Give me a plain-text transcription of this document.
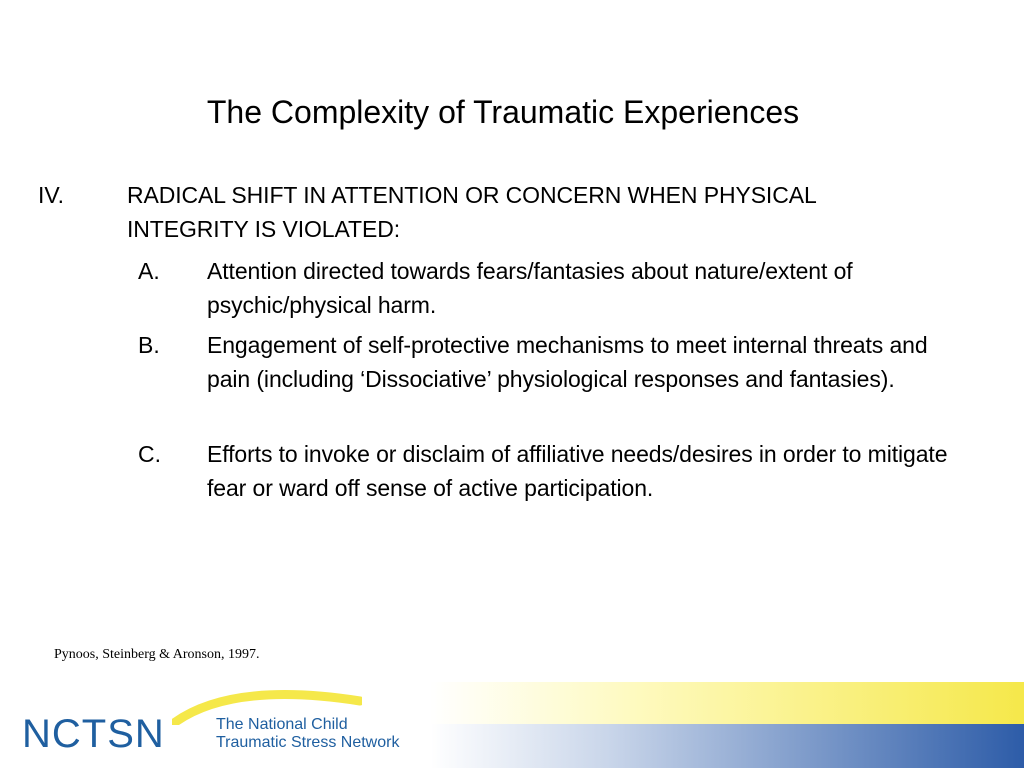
The Complexity of Traumatic Experiences
IV.	RADICAL SHIFT IN ATTENTION OR CONCERN WHEN PHYSICAL INTEGRITY IS VIOLATED:
A.	Attention directed towards fears/fantasies about nature/extent of psychic/physical harm.
B.	Engagement of self-protective mechanisms to meet internal threats and pain (including ‘Dissociative’ physiological responses and fantasies).
C.	Efforts to invoke or disclaim of affiliative needs/desires in order to mitigate fear or ward off sense of active participation.
Pynoos, Steinberg & Aronson, 1997.
NCTSN	The National Child
Traumatic Stress Network
